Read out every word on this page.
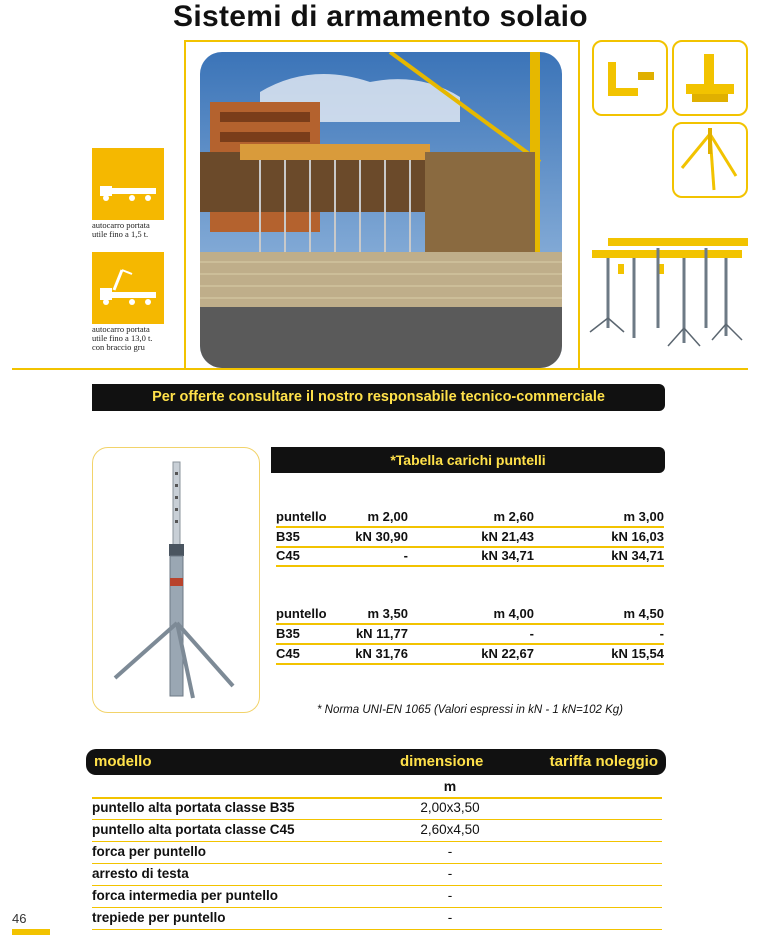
Sistemi di armamento solaio
autocarro portata
utile fino a 1,5 t.
autocarro portata
utile fino a 13,0 t.
con braccio gru
Per offerte consultare il nostro responsabile tecnico-commerciale
*Tabella carichi puntelli
puntello	m 2,00	m 2,60	m 3,00
B35	kN 30,90	kN 21,43	kN 16,03
C45	-	kN 34,71	kN 34,71
puntello	m 3,50	m 4,00	m 4,50
B35	kN 11,77	-	-
C45	kN 31,76	kN 22,67	kN 15,54
* Norma UNI-EN 1065 (Valori espressi in kN - 1 kN=102 Kg)
modello	dimensione	tariffa noleggio
m
puntello alta portata classe B35	2,00x3,50
puntello alta portata classe C45	2,60x4,50
forca per puntello	-
arresto di testa	-
forca intermedia per puntello	-
trepiede per puntello	-
46
